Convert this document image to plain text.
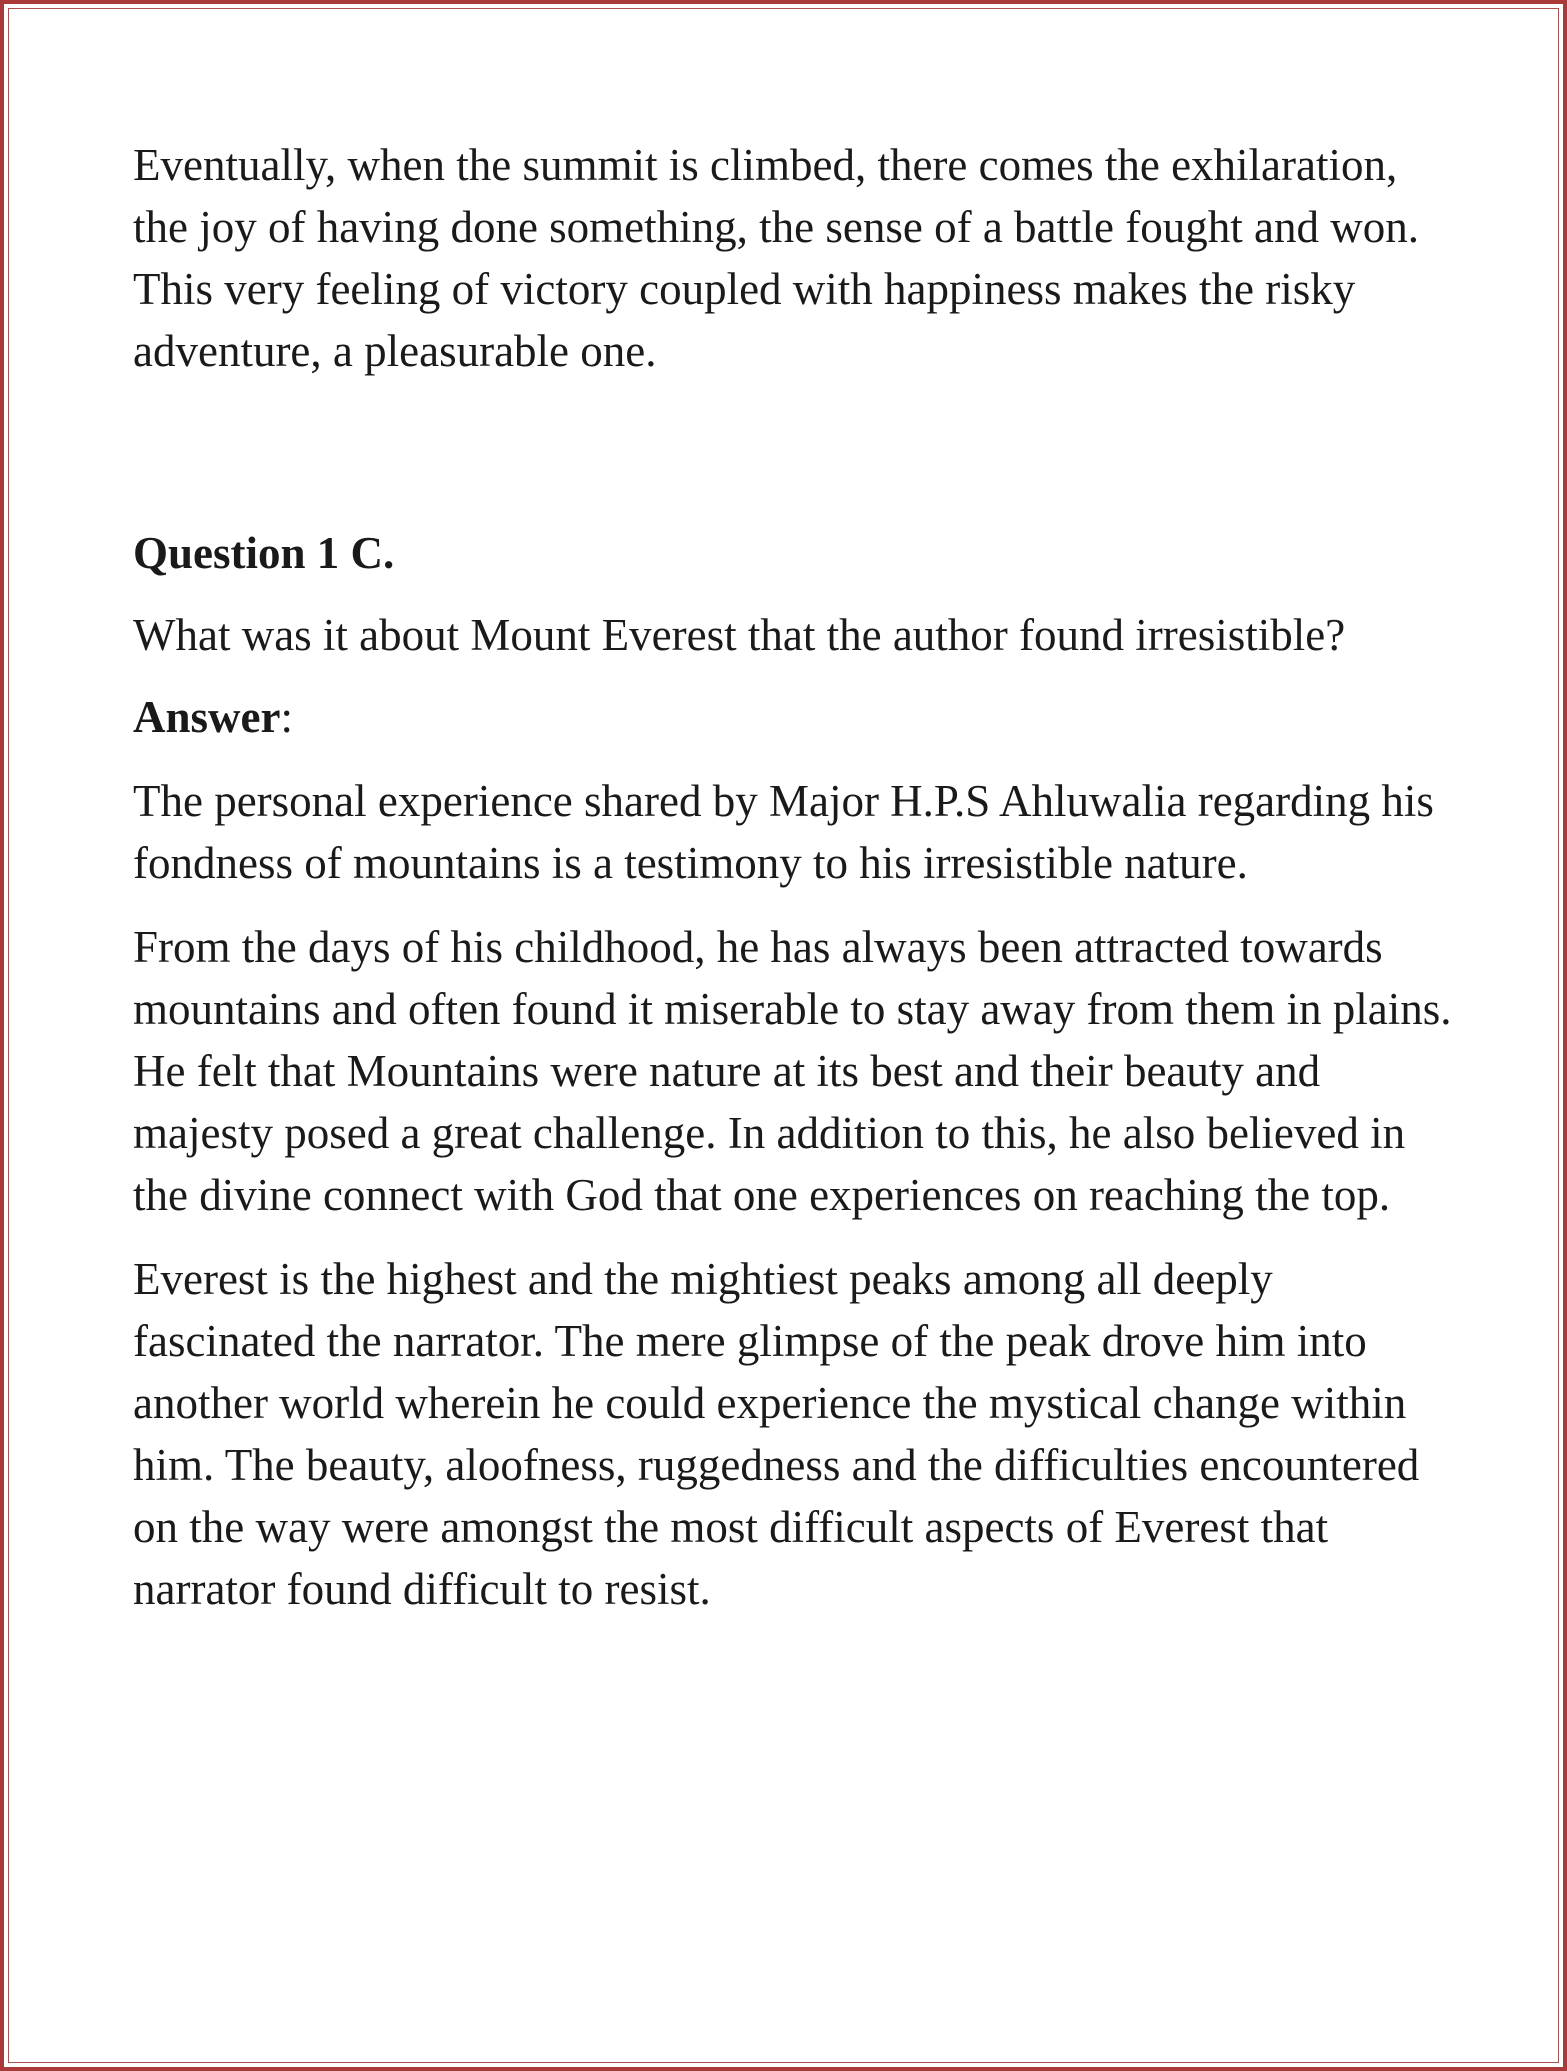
Eventually, when the summit is climbed, there comes the exhilaration, the joy of having done something, the sense of a battle fought and won. This very feeling of victory coupled with happiness makes the risky adventure, a pleasurable one.

Question 1 C.

What was it about Mount Everest that the author found irresistible?

Answer:

The personal experience shared by Major H.P.S Ahluwalia regarding his fondness of mountains is a testimony to his irresistible nature.

From the days of his childhood, he has always been attracted towards mountains and often found it miserable to stay away from them in plains. He felt that Mountains were nature at its best and their beauty and majesty posed a great challenge. In addition to this, he also believed in the divine connect with God that one experiences on reaching the top.

Everest is the highest and the mightiest peaks among all deeply fascinated the narrator. The mere glimpse of the peak drove him into another world wherein he could experience the mystical change within him. The beauty, aloofness, ruggedness and the difficulties encountered on the way were amongst the most difficult aspects of Everest that narrator found difficult to resist.
